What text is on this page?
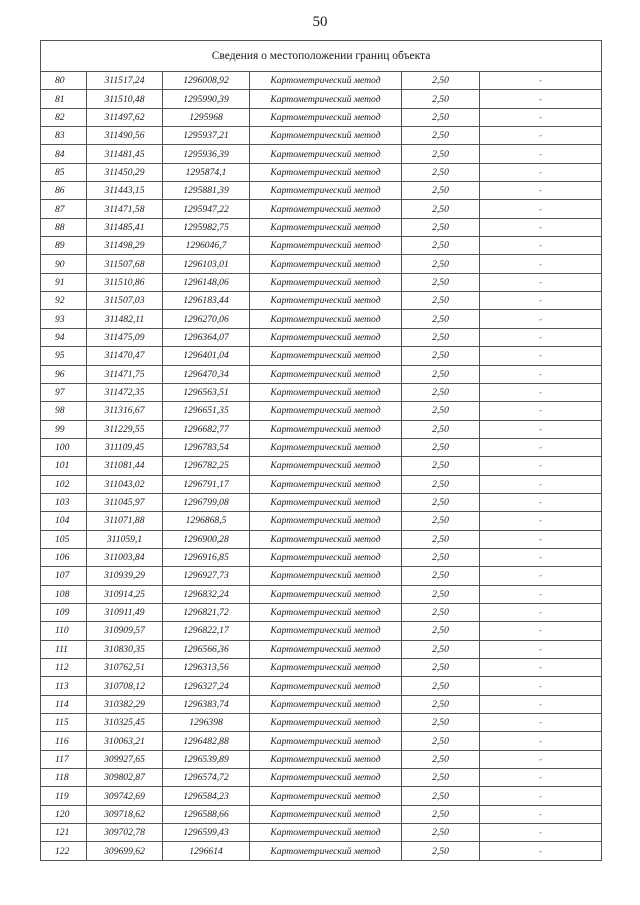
50
Сведения о местоположении границ объекта					
80	311517,24	1296008,92	Картометрический метод	2,50	-
81	311510,48	1295990,39	Картометрический метод	2,50	-
82	311497,62	1295968	Картометрический метод	2,50	-
83	311490,56	1295937,21	Картометрический метод	2,50	-
84	311481,45	1295936,39	Картометрический метод	2,50	-
85	311450,29	1295874,1	Картометрический метод	2,50	-
86	311443,15	1295881,39	Картометрический метод	2,50	-
87	311471,58	1295947,22	Картометрический метод	2,50	-
88	311485,41	1295982,75	Картометрический метод	2,50	-
89	311498,29	1296046,7	Картометрический метод	2,50	-
90	311507,68	1296103,01	Картометрический метод	2,50	-
91	311510,86	1296148,06	Картометрический метод	2,50	-
92	311507,03	1296183,44	Картометрический метод	2,50	-
93	311482,11	1296270,06	Картометрический метод	2,50	-
94	311475,09	1296364,07	Картометрический метод	2,50	-
95	311470,47	1296401,04	Картометрический метод	2,50	-
96	311471,75	1296470,34	Картометрический метод	2,50	-
97	311472,35	1296563,51	Картометрический метод	2,50	-
98	311316,67	1296651,35	Картометрический метод	2,50	-
99	311229,55	1296682,77	Картометрический метод	2,50	-
100	311109,45	1296783,54	Картометрический метод	2,50	-
101	311081,44	1296782,25	Картометрический метод	2,50	-
102	311043,02	1296791,17	Картометрический метод	2,50	-
103	311045,97	1296799,08	Картометрический метод	2,50	-
104	311071,88	1296868,5	Картометрический метод	2,50	-
105	311059,1	1296900,28	Картометрический метод	2,50	-
106	311003,84	1296916,85	Картометрический метод	2,50	-
107	310939,29	1296927,73	Картометрический метод	2,50	-
108	310914,25	1296832,24	Картометрический метод	2,50	-
109	310911,49	1296821,72	Картометрический метод	2,50	-
110	310909,57	1296822,17	Картометрический метод	2,50	-
111	310830,35	1296566,36	Картометрический метод	2,50	-
112	310762,51	1296313,56	Картометрический метод	2,50	-
113	310708,12	1296327,24	Картометрический метод	2,50	-
114	310382,29	1296383,74	Картометрический метод	2,50	-
115	310325,45	1296398	Картометрический метод	2,50	-
116	310063,21	1296482,88	Картометрический метод	2,50	-
117	309927,65	1296539,89	Картометрический метод	2,50	-
118	309802,87	1296574,72	Картометрический метод	2,50	-
119	309742,69	1296584,23	Картометрический метод	2,50	-
120	309718,62	1296588,66	Картометрический метод	2,50	-
121	309702,78	1296599,43	Картометрический метод	2,50	-
122	309699,62	1296614	Картометрический метод	2,50	-
